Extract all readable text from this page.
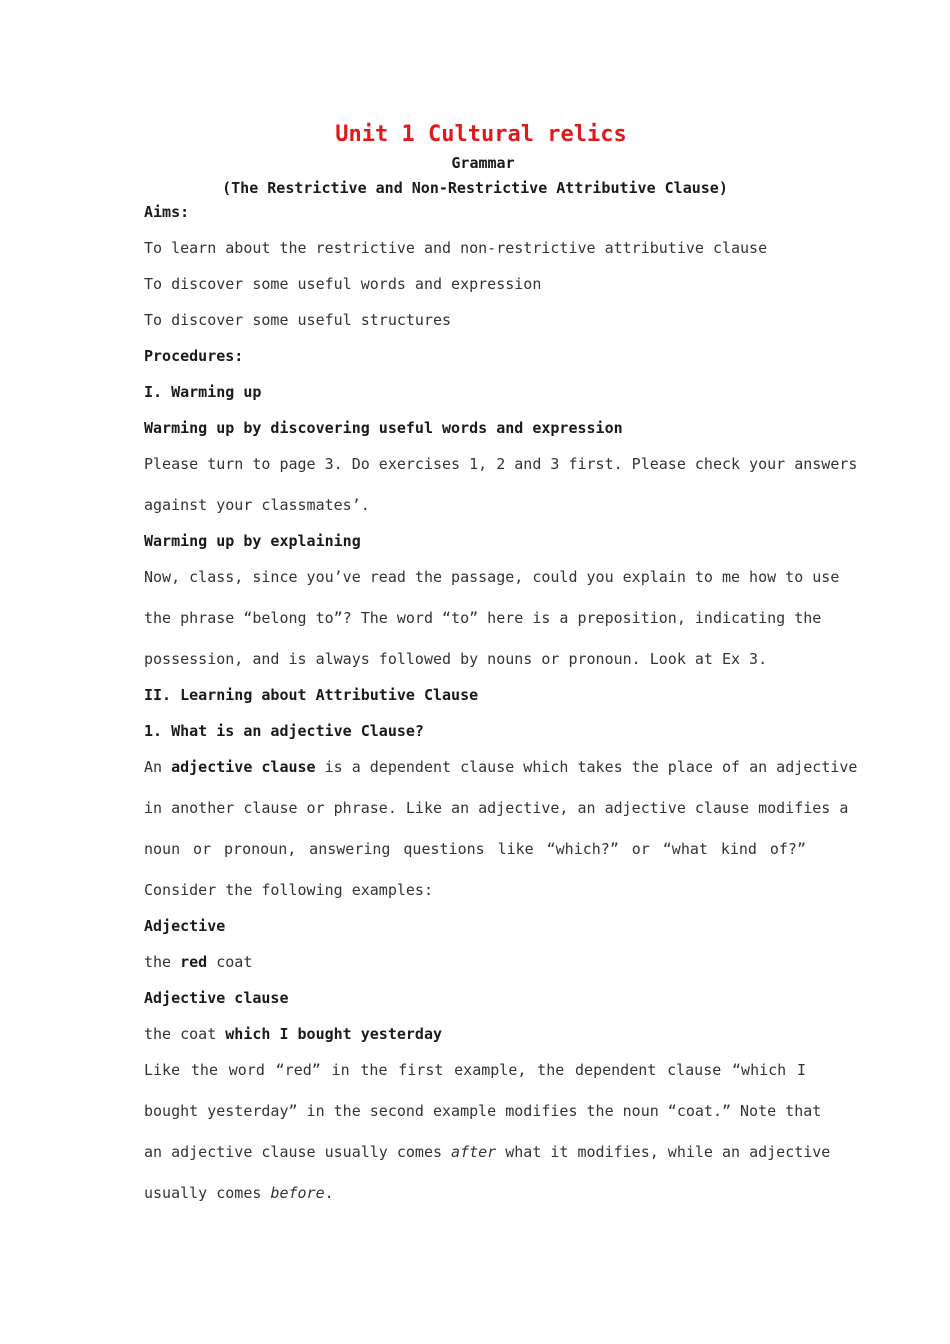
Unit 1 Cultural relics
Grammar
(The Restrictive and Non-Restrictive Attributive Clause)
Aims:
To learn about the restrictive and non-restrictive attributive clause
To discover some useful words and expression
To discover some useful structures
Procedures:
I. Warming up
Warming up by discovering useful words and expression
Please turn to page 3. Do exercises 1, 2 and 3 first. Please check your answers
against your classmates’.
Warming up by explaining
Now, class, since you’ve read the passage, could you explain to me how to use
the phrase “belong to”? The word “to” here is a preposition, indicating the
possession, and is always followed by nouns or pronoun. Look at Ex 3.
II. Learning about Attributive Clause
1. What is an adjective Clause?
An adjective clause is a dependent clause which takes the place of an adjective
in another clause or phrase. Like an adjective, an adjective clause modifies a
noun or pronoun, answering questions like “which?” or “what kind of?”
Consider the following examples:
Adjective
the red coat
Adjective clause
the coat which I bought yesterday
Like the word “red” in the first example, the dependent clause “which I
bought yesterday” in the second example modifies the noun “coat.” Note that
an adjective clause usually comes after what it modifies, while an adjective
usually comes before.
